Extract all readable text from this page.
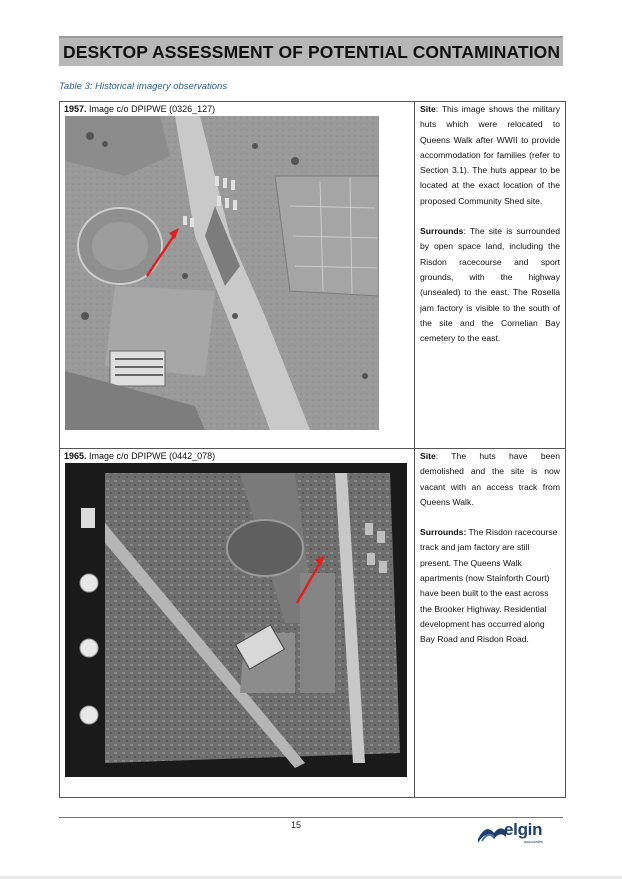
DESKTOP ASSESSMENT OF POTENTIAL CONTAMINATION
Table 3: Historical imagery observations
1957. Image c/o DPIPWE (0326_127)	Site: This image shows the military huts which were relocated to Queens Walk after WWII to provide accommodation for families (refer to Section 3.1). The huts appear to be located at the exact location of the proposed Community Shed site.

Surrounds: The site is surrounded by open space land, including the Risdon racecourse and sport grounds, with the highway (unsealed) to the east. The Rosella jam factory is visible to the south of the site and the Cornelian Bay cemetery to the east.

1965. Image c/o DPIPWE (0442_078)	Site: The huts have been demolished and the site is now vacant with an access track from Queens Walk.

Surrounds: The Risdon racecourse track and jam factory are still present. The Queens Walk apartments (now Stainforth Court) have been built to the east across the Brooker Highway. Residential development has occurred along Bay Road and Risdon Road.

15	elgin
associates
